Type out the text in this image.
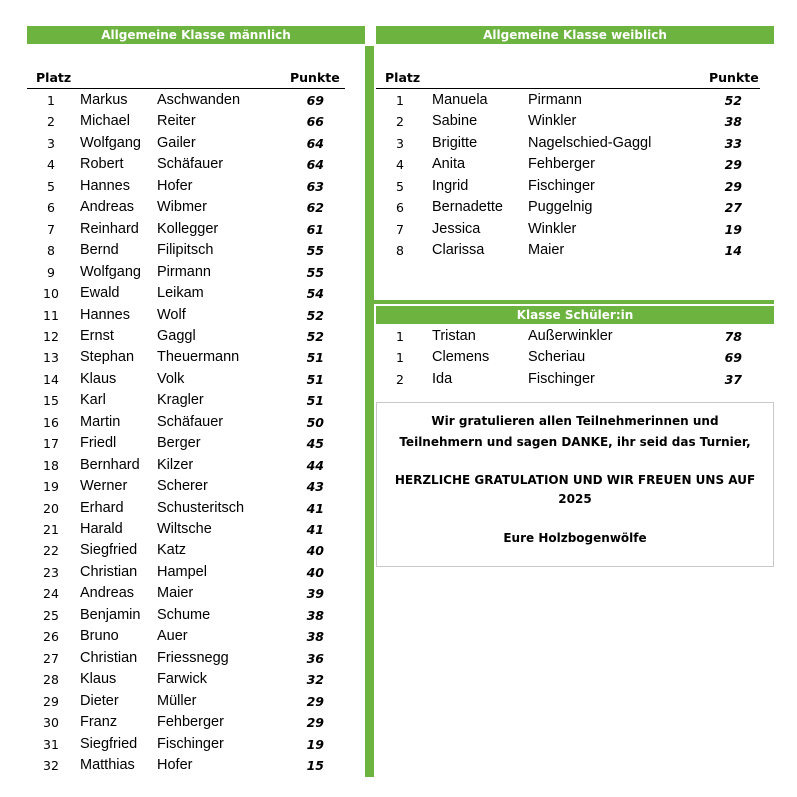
Allgemeine Klasse männlich	Allgemeine Klasse weiblich
Klasse Schüler:in
Platz	Punkte	Platz	Punkte
1	Markus Aschwanden	69
2	Michael Reiter	66
3	Wolfgang Gailer	64
4	Robert Schäfauer	64
5	Hannes Hofer	63
6	Andreas Wibmer	62
7	Reinhard Kollegger	61
8	Bernd	Filipitsch	55
9	Wolfgang Pirmann	55
10 Ewald	Leikam	54
11 Hannes Wolf	52
12 Ernst	Gaggl	52
13 Stephan Theuermann	51
14 Klaus	Volk	51
15 Karl	Kragler	51
16 Martin	Schäfauer	50
17 Friedl	Berger	45
18 Bernhard Kilzer	44
19 Werner Scherer	43
20 Erhard Schusteritsch	41
21 Harald Wiltsche	41
22 Siegfried Katz	40
23 Christian Hampel	40
24 Andreas Maier	39
25 Benjamin Schume	38
26 Bruno	Auer	38
27 Christian Friessnegg	36
28 Klaus	Farwick	32
29 Dieter	Müller	29
30 Franz	Fehberger	29
31 Siegfried Fischinger	19
32 Matthias Hofer	15
1	Manuela	Pirmann	52
2	Sabine	Winkler	38
3	Brigitte	Nagelschied-Gaggl	33
4	Anita	Fehberger	29
5	Ingrid	Fischinger	29
6	Bernadette Puggelnig	27
7	Jessica	Winkler	19
8	Clarissa	Maier	14
1	Tristan	Außerwinkler	78
1	Clemens	Scheriau	69
2	Ida	Fischinger	37
Wir gratulieren allen Teilnehmerinnen und
Teilnehmern und sagen DANKE, ihr seid das Turnier,
HERZLICHE GRATULATION UND WIR FREUEN UNS AUF
2025
Eure Holzbogenwölfe
